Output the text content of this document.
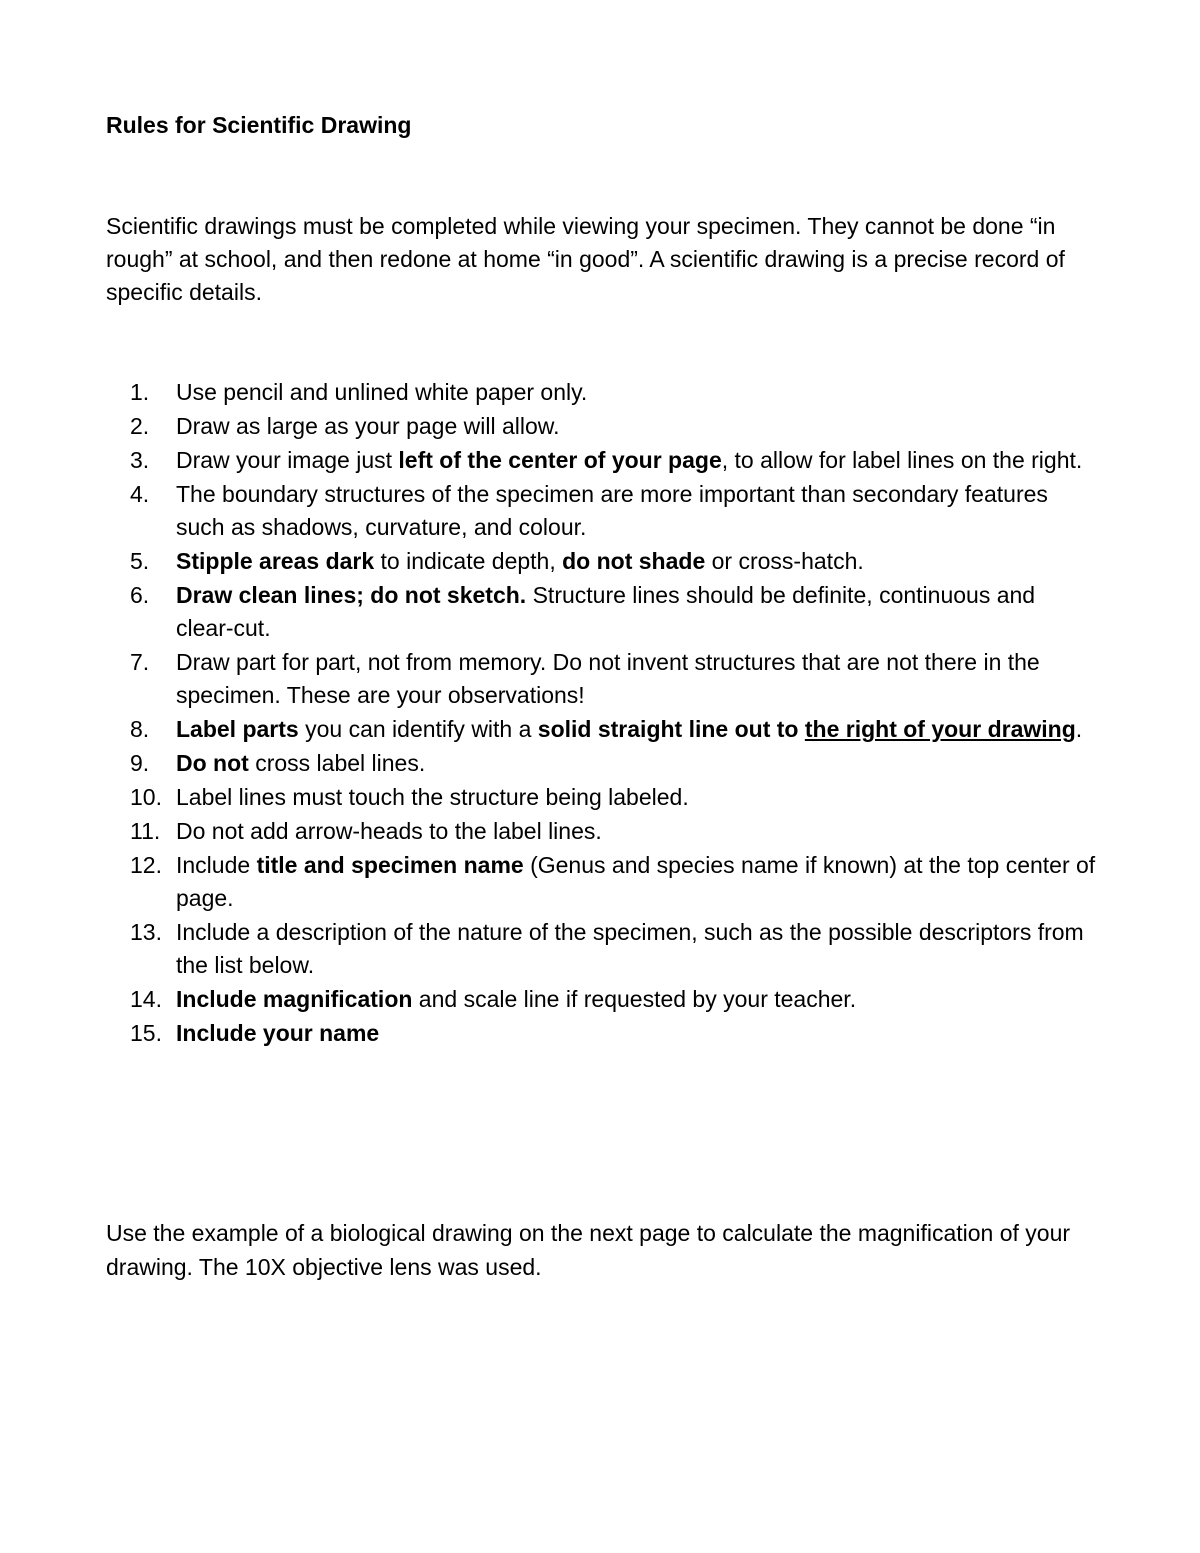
Rules for Scientific Drawing

Scientific drawings must be completed while viewing your specimen. They cannot be done “in rough” at school, and then redone at home “in good”. A scientific drawing is a precise record of specific details.

1.	Use pencil and unlined white paper only.
2.	Draw as large as your page will allow.
3.	Draw your image just left of the center of your page, to allow for label lines on the right.
4.	The boundary structures of the specimen are more important than secondary features such as shadows, curvature, and colour.
5.	Stipple areas dark to indicate depth, do not shade or cross-hatch.
6.	Draw clean lines; do not sketch. Structure lines should be definite, continuous and clear-cut.
7.	Draw part for part, not from memory. Do not invent structures that are not there in the specimen. These are your observations!
8.	Label parts you can identify with a solid straight line out to the right of your drawing.
9.	Do not cross label lines.
10. Label lines must touch the structure being labeled.
11. Do not add arrow-heads to the label lines.
12. Include title and specimen name (Genus and species name if known) at the top center of page.
13. Include a description of the nature of the specimen, such as the possible descriptors from the list below.
14. Include magnification and scale line if requested by your teacher.
15. Include your name

Use the example of a biological drawing on the next page to calculate the magnification of your drawing. The 10X objective lens was used.
